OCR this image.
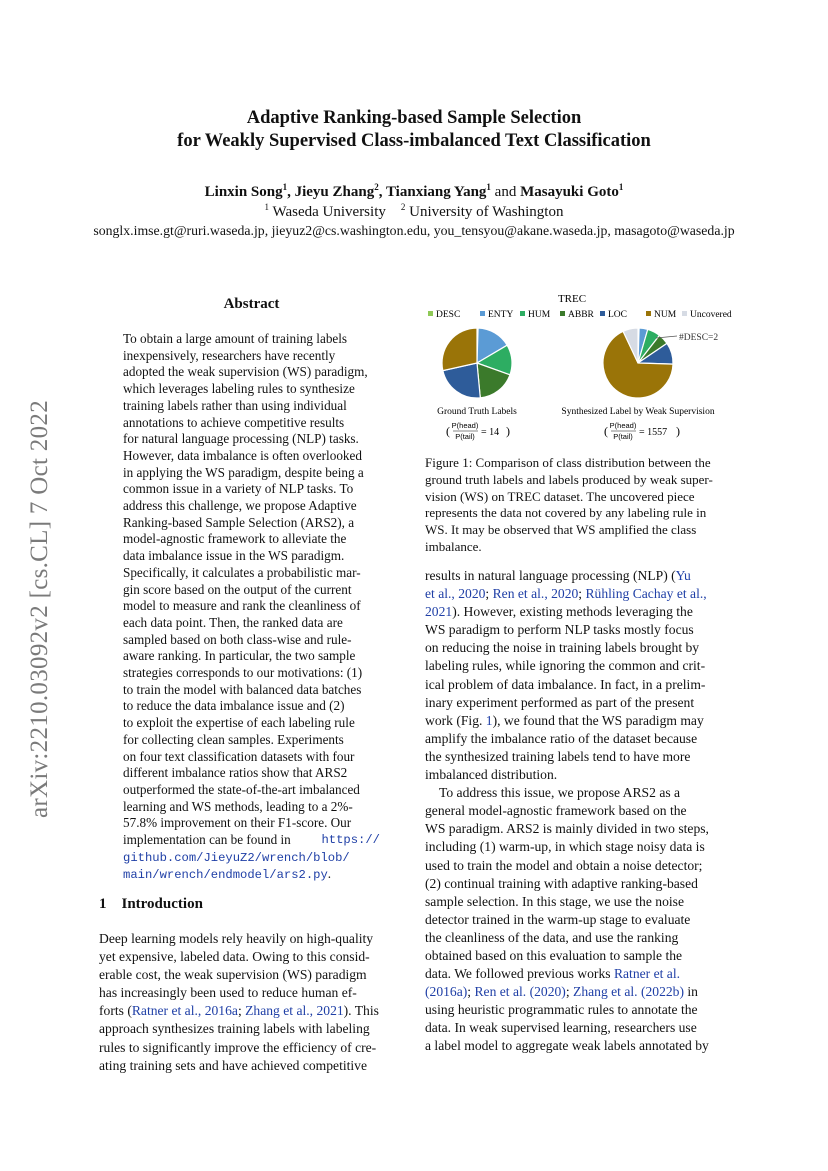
arXiv:2210.03092v2 [cs.CL] 7 Oct 2022
Adaptive Ranking-based Sample Selection
for Weakly Supervised Class-imbalanced Text Classification
Linxin Song$^1$, Jieyu Zhang$^2$, Tianxiang Yang$^1$ and Masayuki Goto$^1$
$^1$ Waseda University $^2$ University of Washington
songlx.imse.gt@ruri.waseda.jp, jieyuz2@cs.washington.edu, you_tensyou@akane.waseda.jp, masagoto@waseda.jp
Abstract
To obtain a large amount of training labels
inexpensively, researchers have recently
adopted the weak supervision (WS) paradigm,
which leverages labeling rules to synthesize
training labels rather than using individual
annotations to achieve competitive results
for natural language processing (NLP) tasks.
However, data imbalance is often overlooked
in applying the WS paradigm, despite being a
common issue in a variety of NLP tasks. To
address this challenge, we propose Adaptive
Ranking-based Sample Selection (ARS2), a
model-agnostic framework to alleviate the
data imbalance issue in the WS paradigm.
Specifically, it calculates a probabilistic mar-
gin score based on the output of the current
model to measure and rank the cleanliness of
each data point. Then, the ranked data are
sampled based on both class-wise and rule-
aware ranking. In particular, the two sample
strategies corresponds to our motivations: (1)
to train the model with balanced data batches
to reduce the data imbalance issue and (2)
to exploit the expertise of each labeling rule
for collecting clean samples. Experiments
on four text classification datasets with four
different imbalance ratios show that ARS2
outperformed the state-of-the-art imbalanced
learning and WS methods, leading to a 2%-
57.8% improvement on their F1-score. Our
implementation can be found in	https://
github.com/JieyuZ2/wrench/blob/
main/wrench/endmodel/ars2.py.
1    Introduction
Deep learning models rely heavily on high-quality
yet expensive, labeled data. Owing to this consid-
erable cost, the weak supervision (WS) paradigm
has increasingly been used to reduce human ef-
forts (Ratner et al., 2016a; Zhang et al., 2021). This
approach synthesizes training labels with labeling
rules to significantly improve the efficiency of cre-
ating training sets and have achieved competitive
TREC
DESC	ENTY HUM ABBR LOC	NUM Uncovered
#DESC=2
Ground Truth Labels	Synthesized Label by Weak Supervision
( P(head)
P(tail) = 14 )	( P(head)
P(tail) = 1557 )
Figure 1: Comparison of class distribution between the
ground truth labels and labels produced by weak super-
vision (WS) on TREC dataset. The uncovered piece
represents the data not covered by any labeling rule in
WS. It may be observed that WS amplified the class
imbalance.
results in natural language processing (NLP) (Yu
et al., 2020; Ren et al., 2020; Rühling Cachay et al.,
2021). However, existing methods leveraging the
WS paradigm to perform NLP tasks mostly focus
on reducing the noise in training labels brought by
labeling rules, while ignoring the common and crit-
ical problem of data imbalance. In fact, in a prelim-
inary experiment performed as part of the present
work (Fig. 1), we found that the WS paradigm may
amplify the imbalance ratio of the dataset because
the synthesized training labels tend to have more
imbalanced distribution.
To address this issue, we propose ARS2 as a
general model-agnostic framework based on the
WS paradigm. ARS2 is mainly divided in two steps,
including (1) warm-up, in which stage noisy data is
used to train the model and obtain a noise detector;
(2) continual training with adaptive ranking-based
sample selection. In this stage, we use the noise
detector trained in the warm-up stage to evaluate
the cleanliness of the data, and use the ranking
obtained based on this evaluation to sample the
data. We followed previous works Ratner et al.
(2016a); Ren et al. (2020); Zhang et al. (2022b) in
using heuristic programmatic rules to annotate the
data. In weak supervised learning, researchers use
a label model to aggregate weak labels annotated by
